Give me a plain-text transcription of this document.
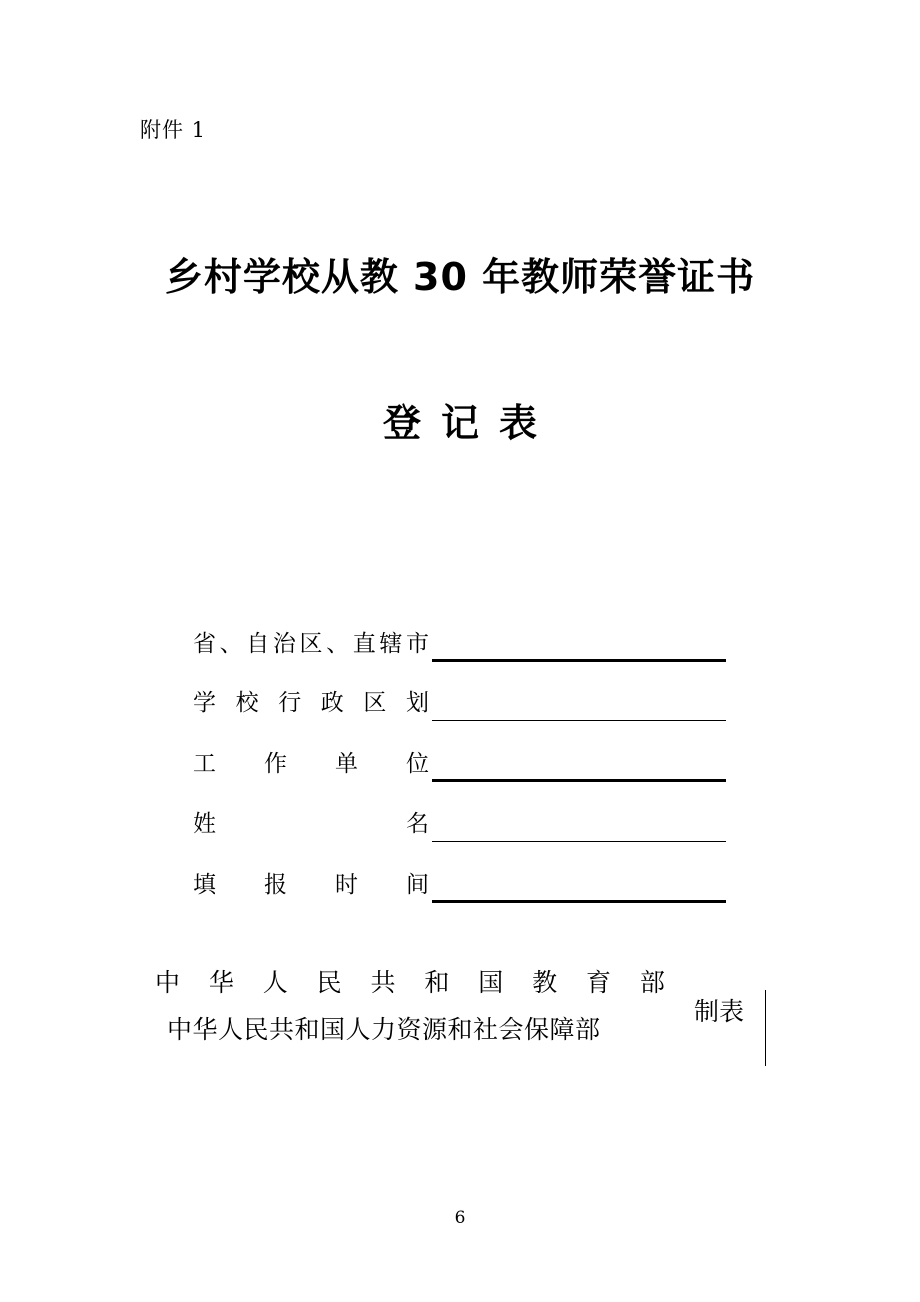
附件 1
乡村学校从教 30 年教师荣誉证书
登记表
省 、 自 治 区 、 直 辖 市
学 校 行 政 区 划
工 作 单 位
姓	名
填 报 时 间
中 华 人 民 共 和 国 教 育 部
中华人民共和国人力资源和社会保障部
制表
6
